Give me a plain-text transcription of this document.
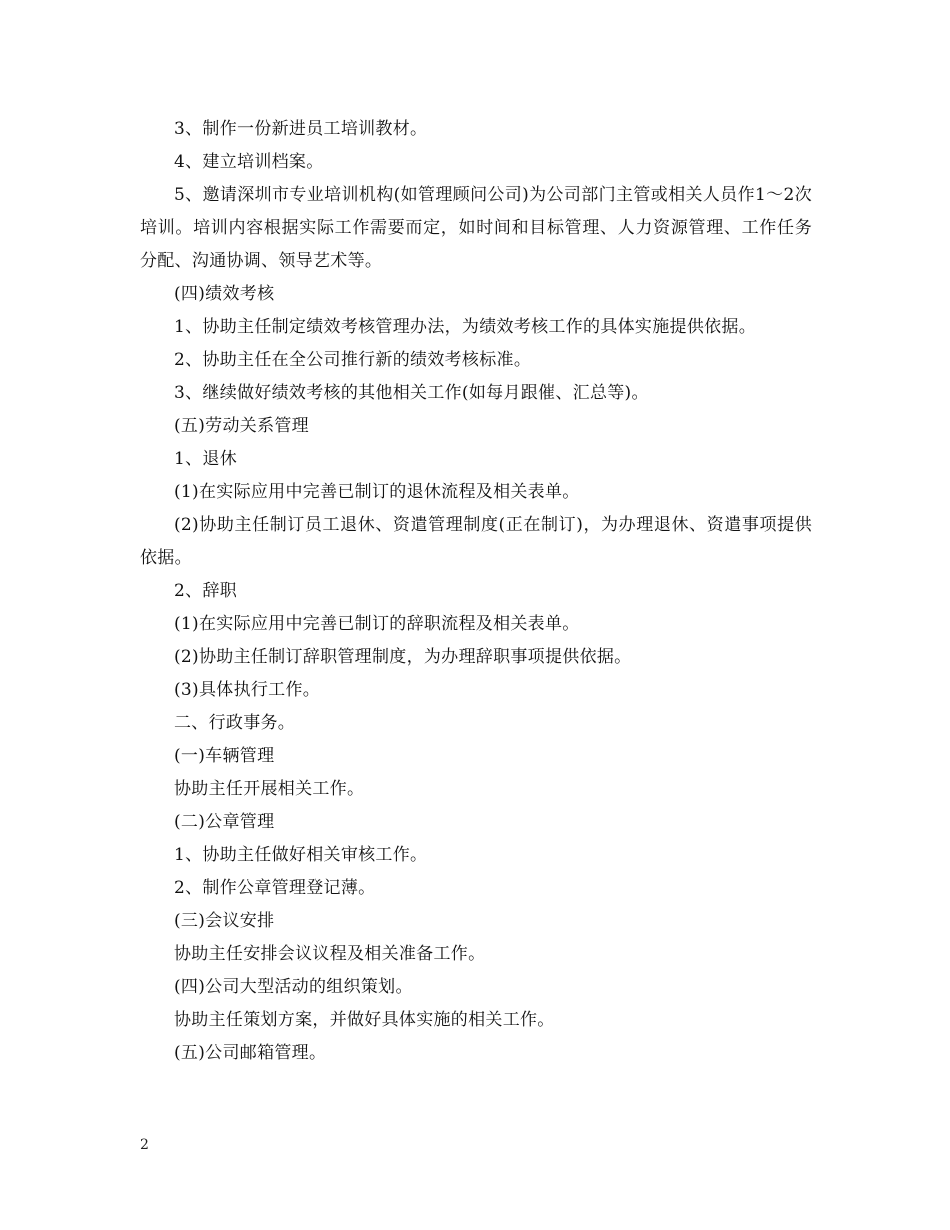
3、制作一份新进员工培训教材。

4、建立培训档案。

5、邀请深圳市专业培训机构(如管理顾问公司)为公司部门主管或相关人员作1～2次培训。培训内容根据实际工作需要而定，如时间和目标管理、人力资源管理、工作任务分配、沟通协调、领导艺术等。

(四)绩效考核

1、协助主任制定绩效考核管理办法，为绩效考核工作的具体实施提供依据。

2、协助主任在全公司推行新的绩效考核标准。

3、继续做好绩效考核的其他相关工作(如每月跟催、汇总等)。

(五)劳动关系管理

1、退休

(1)在实际应用中完善已制订的退休流程及相关表单。

(2)协助主任制订员工退休、资遣管理制度(正在制订)，为办理退休、资遣事项提供依据。

2、辞职

(1)在实际应用中完善已制订的辞职流程及相关表单。

(2)协助主任制订辞职管理制度，为办理辞职事项提供依据。

(3)具体执行工作。

二、行政事务。

(一)车辆管理

协助主任开展相关工作。

(二)公章管理

1、协助主任做好相关审核工作。

2、制作公章管理登记薄。

(三)会议安排

协助主任安排会议议程及相关准备工作。

(四)公司大型活动的组织策划。

协助主任策划方案，并做好具体实施的相关工作。

(五)公司邮箱管理。

2
